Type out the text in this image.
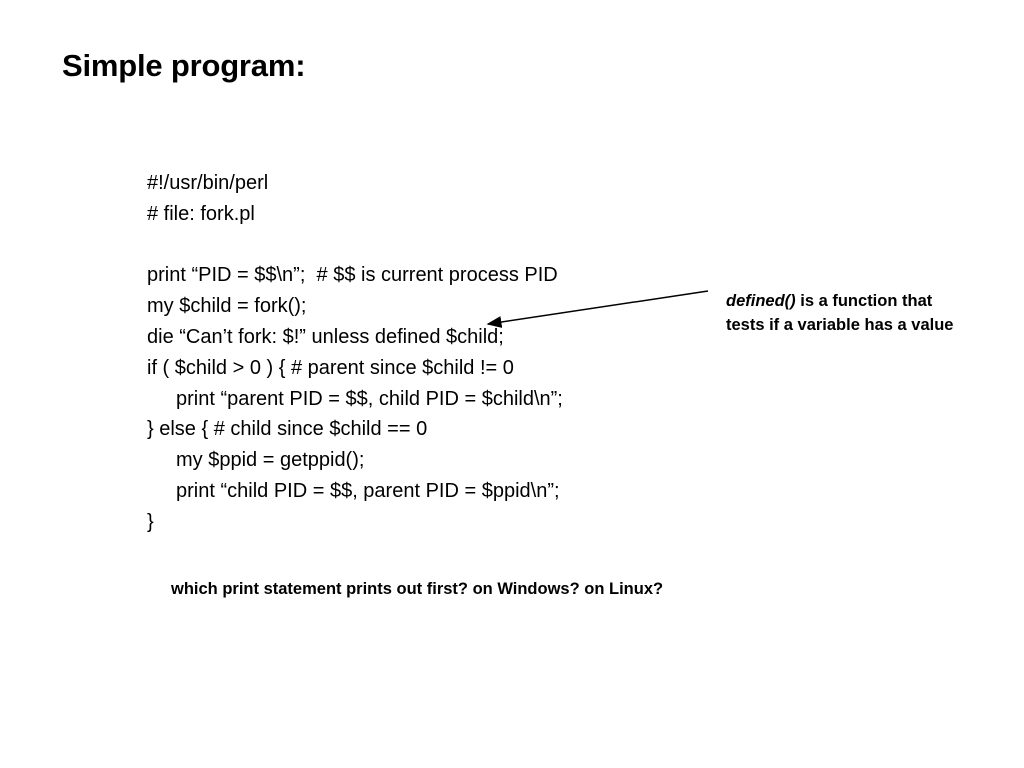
Simple program:
#!/usr/bin/perl
# file: fork.pl
print “PID = $$\n”;  # $$ is current process PID
my $child = fork();
die “Can’t fork: $!” unless defined $child;
if ( $child > 0 ) { # parent since $child != 0
print “parent PID = $$, child PID = $child\n”;
} else { # child since $child == 0
my $ppid = getppid();
print “child PID = $$, parent PID = $ppid\n”;
}
defined() is a function that tests if a variable has a value
which print statement prints out first? on Windows? on Linux?
